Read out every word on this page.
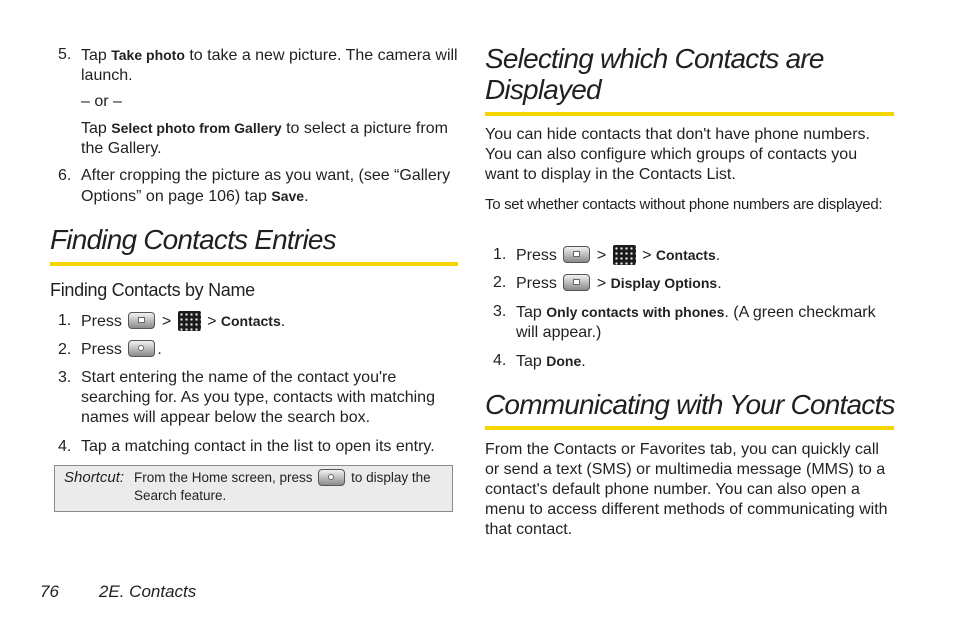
5. Tap Take photo to take a new picture. The camera will launch.
– or –
Tap Select photo from Gallery to select a picture from the Gallery.
6. After cropping the picture as you want, (see “Gallery Options” on page 106) tap Save.
Finding Contacts Entries
Finding Contacts by Name
1. Press > > Contacts.
2. Press .
3. Start entering the name of the contact you're searching for. As you type, contacts with matching names will appear below the search box.
4. Tap a matching contact in the list to open its entry.
Shortcut: From the Home screen, press	to display the Search feature.
Selecting which Contacts are Displayed

You can hide contacts that don't have phone numbers. You can also configure which groups of contacts you want to display in the Contacts List.

To set whether contacts without phone numbers are displayed:

1. Press > > Contacts.
2. Press > Display Options.
3. Tap Only contacts with phones. (A green checkmark will appear.)
4. Tap Done.
Communicating with Your Contacts

From the Contacts or Favorites tab, you can quickly call or send a text (SMS) or multimedia message (MMS) to a contact's default phone number. You can also open a menu to access different methods of communicating with that contact.

76 2E. Contacts
